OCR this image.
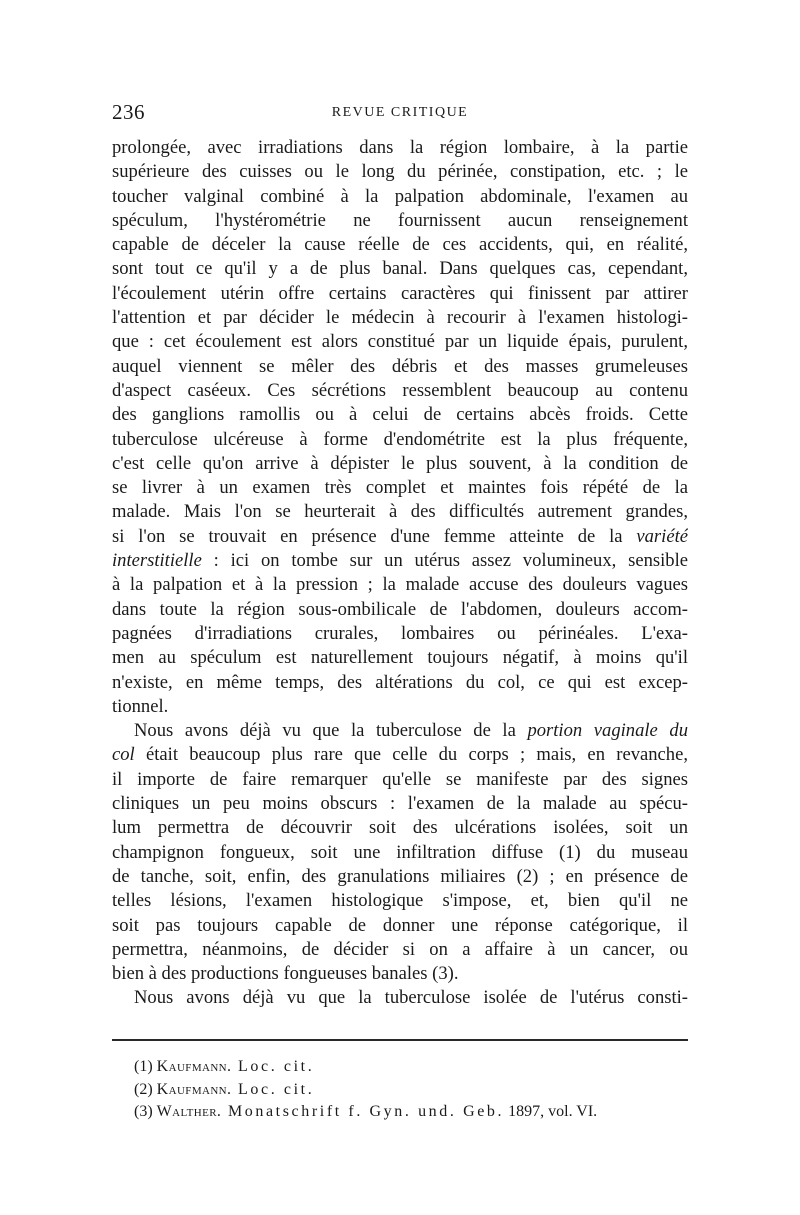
236	REVUE CRITIQUE
prolongée, avec irradiations dans la région lombaire, à la partie
supérieure des cuisses ou le long du périnée, constipation, etc. ; le
toucher valginal combiné à la palpation abdominale, l'examen au
spéculum, l'hystérométrie ne fournissent aucun renseignement
capable de déceler la cause réelle de ces accidents, qui, en réalité,
sont tout ce qu'il y a de plus banal. Dans quelques cas, cependant,
l'écoulement utérin offre certains caractères qui finissent par attirer
l'attention et par décider le médecin à recourir à l'examen histologi-
que : cet écoulement est alors constitué par un liquide épais, purulent,
auquel viennent se mêler des débris et des masses grumeleuses
d'aspect caséeux. Ces sécrétions ressemblent beaucoup au contenu
des ganglions ramollis ou à celui de certains abcès froids. Cette
tuberculose ulcéreuse à forme d'endométrite est la plus fréquente,
c'est celle qu'on arrive à dépister le plus souvent, à la condition de
se livrer à un examen très complet et maintes fois répété de la
malade. Mais l'on se heurterait à des difficultés autrement grandes,
si l'on se trouvait en présence d'une femme atteinte de la variété
interstitielle : ici on tombe sur un utérus assez volumineux, sensible
à la palpation et à la pression ; la malade accuse des douleurs vagues
dans toute la région sous-ombilicale de l'abdomen, douleurs accom-
pagnées d'irradiations crurales, lombaires ou périnéales. L'exa-
men au spéculum est naturellement toujours négatif, à moins qu'il
n'existe, en même temps, des altérations du col, ce qui est excep-
tionnel.
Nous avons déjà vu que la tuberculose de la portion vaginale du
col était beaucoup plus rare que celle du corps ; mais, en revanche,
il importe de faire remarquer qu'elle se manifeste par des signes
cliniques un peu moins obscurs : l'examen de la malade au spécu-
lum permettra de découvrir soit des ulcérations isolées, soit un
champignon fongueux, soit une infiltration diffuse (1) du museau
de tanche, soit, enfin, des granulations miliaires (2) ; en présence de
telles lésions, l'examen histologique s'impose, et, bien qu'il ne
soit pas toujours capable de donner une réponse catégorique, il
permettra, néanmoins, de décider si on a affaire à un cancer, ou
bien à des productions fongueuses banales (3).
Nous avons déjà vu que la tuberculose isolée de l'utérus consti-
(1) Kaufmann. Loc. cit.
(2) Kaufmann. Loc. cit.
(3) Walther. Monatschrift f. Gyn. und. Geb. 1897, vol. VI.
